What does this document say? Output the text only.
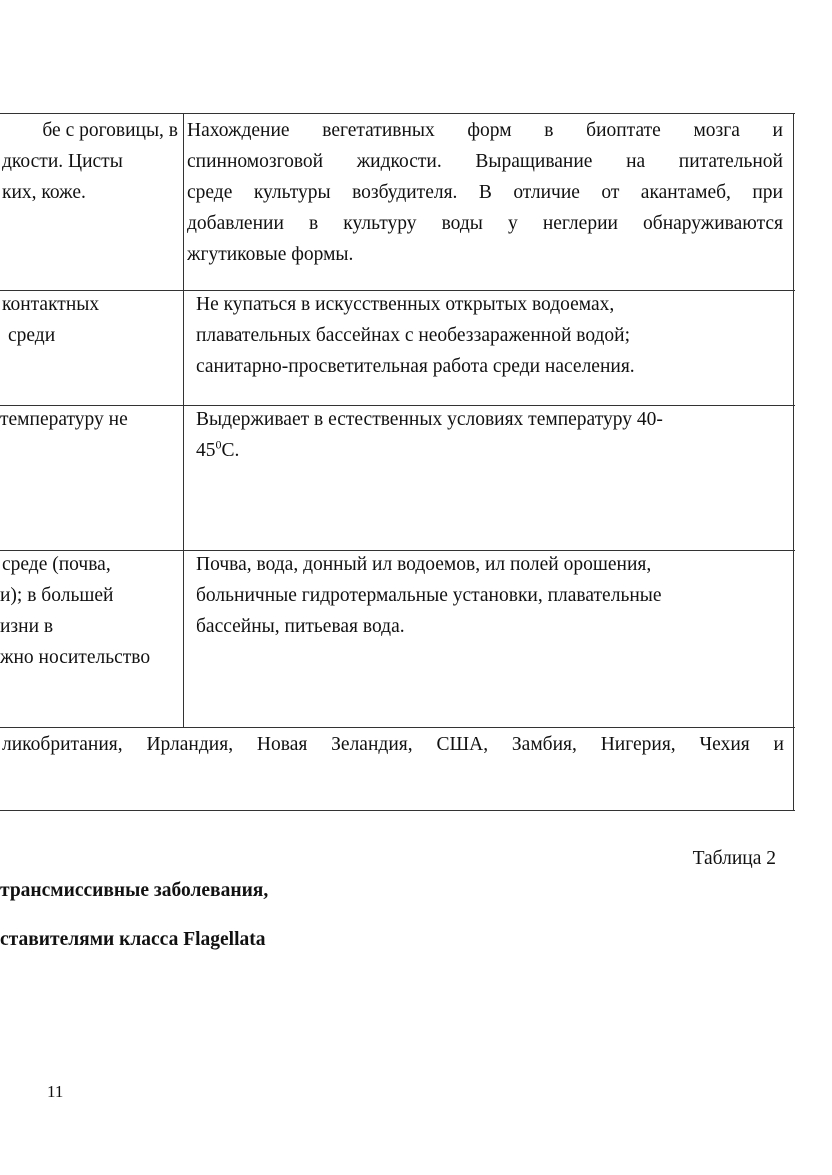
бе с роговицы, в
дкости. Цисты
ких, коже.
Нахождение вегетативных форм в биоптате мозга и
спинномозговой жидкости. Выращивание на питательной
среде культуры возбудителя. В отличие от акантамеб, при
добавлении в культуру воды у неглерии обнаруживаются
жгутиковые формы.
контактных
среди
Не купаться в искусственных открытых водоемах,
плавательных бассейнах с необеззараженной водой;
санитарно-просветительная работа среди населения.
температуру не	Выдерживает в естественных условиях температуру 40-
$45^0С$.
среде (почва,
и); в большей
изни в
жно носительство
Почва, вода, донный ил водоемов, ил полей орошения,
больничные гидротермальные установки, плавательные
бассейны, питьевая вода.
ликобритания, Ирландия, Новая Зеландия, США, Замбия, Нигерия, Чехия и
Таблица 2
трансмиссивные заболевания,
ставителями класса Flagellata
11
